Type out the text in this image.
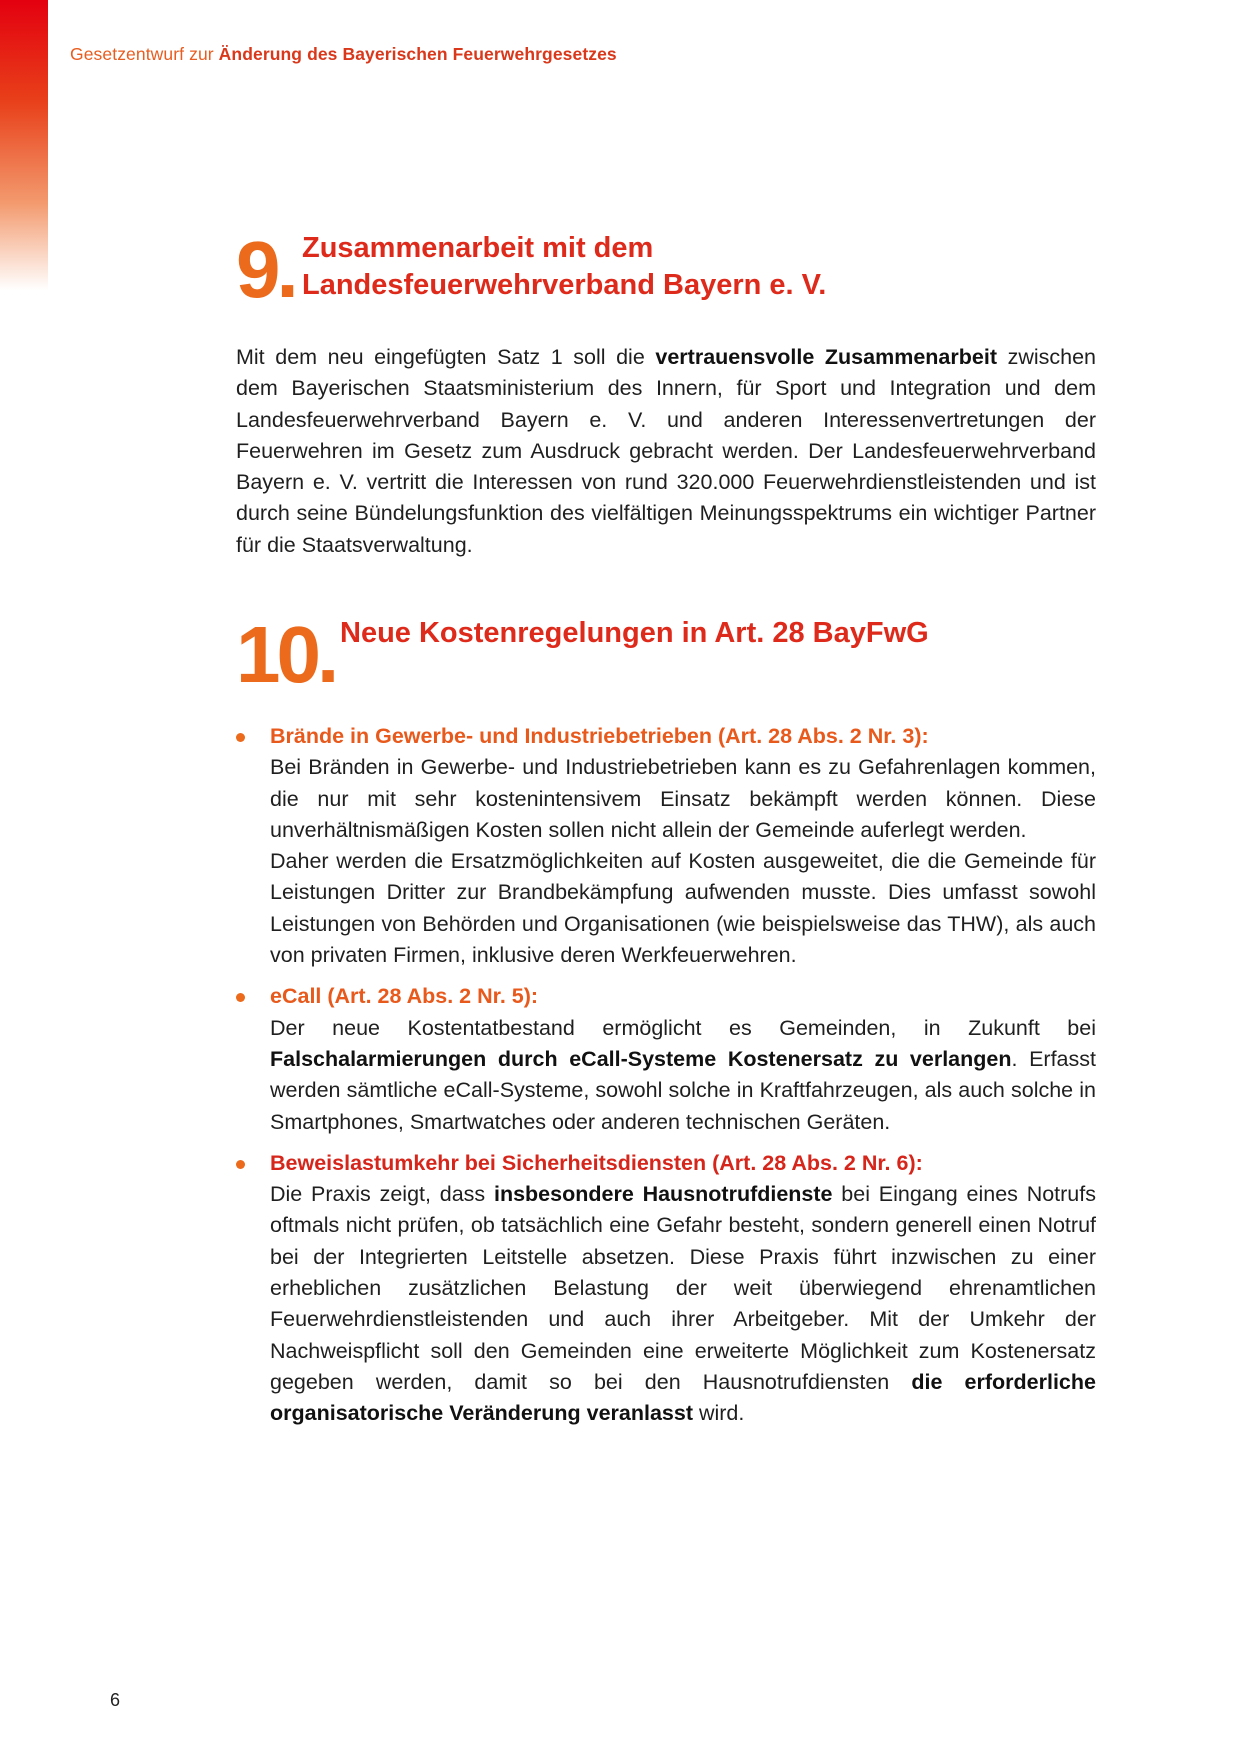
Gesetzentwurf zur Änderung des Bayerischen Feuerwehrgesetzes
9. Zusammenarbeit mit dem
Landesfeuerwehrverband Bayern e. V.

Mit dem neu eingefügten Satz 1 soll die vertrauensvolle Zusammenarbeit zwischen dem Bayerischen Staatsministerium des Innern, für Sport und Integration und dem Landesfeuerwehrverband Bayern e. V. und anderen Interessenvertretungen der Feuerwehren im Gesetz zum Ausdruck gebracht werden. Der Landesfeuerwehrverband Bayern e. V. vertritt die Interessen von rund 320.000 Feuerwehrdienstleistenden und ist durch seine Bündelungsfunktion des vielfältigen Meinungsspektrums ein wichtiger Partner für die Staatsverwaltung.

10. Neue Kostenregelungen in Art. 28 BayFwG
Brände in Gewerbe- und Industriebetrieben (Art. 28 Abs. 2 Nr. 3):

Bei Bränden in Gewerbe- und Industriebetrieben kann es zu Gefahrenlagen kommen, die nur mit sehr kostenintensivem Einsatz bekämpft werden können. Diese unverhältnismäßigen Kosten sollen nicht allein der Gemeinde auferlegt werden.

Daher werden die Ersatzmöglichkeiten auf Kosten ausgeweitet, die die Gemeinde für Leistungen Dritter zur Brandbekämpfung aufwenden musste. Dies umfasst sowohl Leistungen von Behörden und Organisationen (wie beispielsweise das THW), als auch von privaten Firmen, inklusive deren Werkfeuerwehren.

eCall (Art. 28 Abs. 2 Nr. 5):

Der neue Kostentatbestand ermöglicht es Gemeinden, in Zukunft bei Falschalarmierungen durch eCall-Systeme Kostenersatz zu verlangen. Erfasst werden sämtliche eCall-Systeme, sowohl solche in Kraftfahrzeugen, als auch solche in Smartphones, Smartwatches oder anderen technischen Geräten.

Beweislastumkehr bei Sicherheitsdiensten (Art. 28 Abs. 2 Nr. 6):

Die Praxis zeigt, dass insbesondere Hausnotrufdienste bei Eingang eines Notrufs oftmals nicht prüfen, ob tatsächlich eine Gefahr besteht, sondern generell einen Notruf bei der Integrierten Leitstelle absetzen. Diese Praxis führt inzwischen zu einer erheblichen zusätzlichen Belastung der weit überwiegend ehrenamtlichen Feuerwehrdienstleistenden und auch ihrer Arbeitgeber. Mit der Umkehr der Nachweispflicht soll den Gemeinden eine erweiterte Möglichkeit zum Kostenersatz gegeben werden, damit so bei den Hausnotrufdiensten die erforderliche organisatorische Veränderung veranlasst wird.

6
